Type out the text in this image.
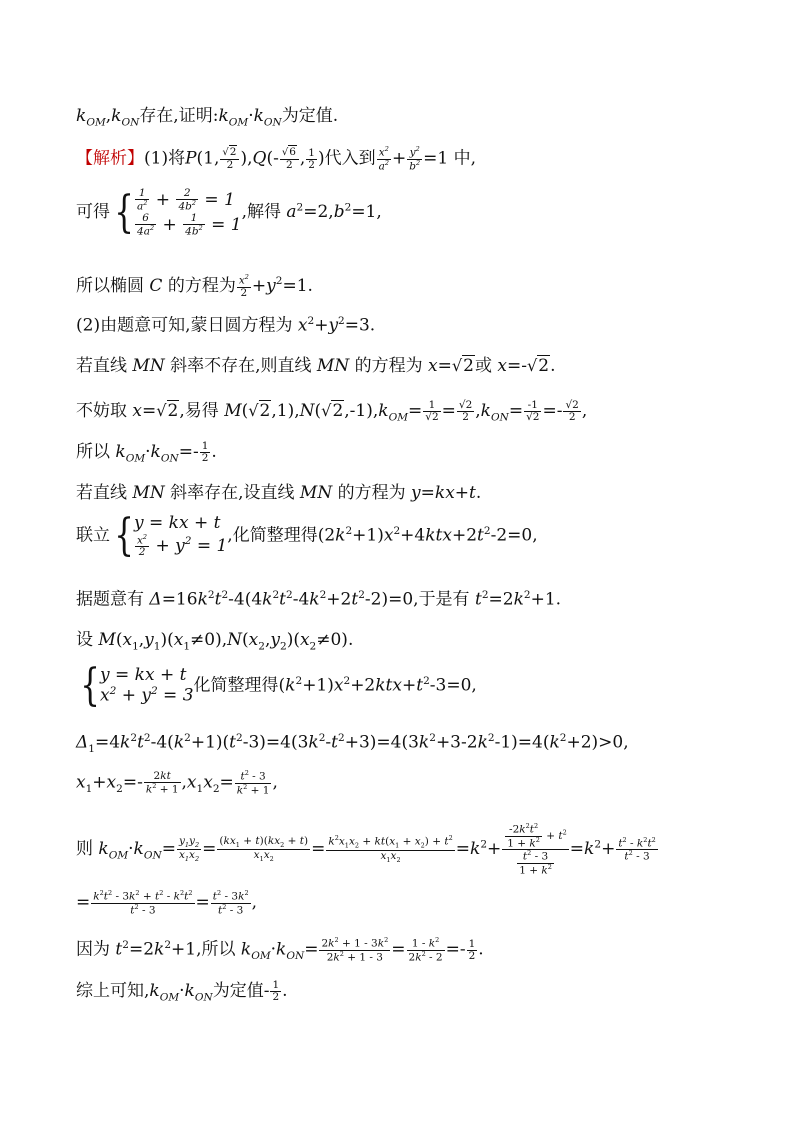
$k_{OM},k_{ON}$存在,证明$:k_{OM}\cdot k_{ON}$为定值.
【解析】(1)将P(1, $\frac{√2}{2} ),Q(- \frac{√6}{2}$ , $\frac{1}{2}$ )代入到 $\frac{x^2}{a^2} + \frac{y^2}{b^2} =1$ 中,
可得{ $\frac{1}{a^2} + \frac{2}{4b^2} = 1$
$\frac{6}{4a^2} + \frac{1}{4b^2} = 1$
,解得 $a^2=2,b^2=1$,
所以椭圆 C 的方程为 $\frac{x^2}{2} +y^2=1$.
(2)由题意可知,蒙日圆方程为 $x^2+y^2=3$.
若直线 MN 斜率不存在,则直线 MN 的方程为 x=√2或 x=-√2.
不妨取 x=√2,易得 $M(√2,1),N(√2,-1),k_{OM}= \frac{1}{√2} = \frac{√2}{2} ,k_{ON}= \frac{-1}{√2} =- \frac{√2}{2}$ ,
所以 $k_{OM}\cdot k_{ON}=- \frac{1}{2}$ .
若直线 MN 斜率存在,设直线 MN 的方程为 y=kx+t.
联立{ y = kx + t
$\frac{x^2}{2} + y^2 = 1$ ,化简整理得$(2k^2+1)x^2+4ktx+2t^2-2=0$,
据题意有 $\Delta=16k^2t^2-4(4k^2t^2-4k^2+2t^2-2)=0$,于是有 $t^2=2k^2+1$.
设 $M(x_1,y_1)(x_1\ne 0),N(x_2,y_2)(x_2\ne 0)$.
{ y = kx + t
$x^2 + y^2 = 3$
化简整理得$(k^2+1)x^2+2ktx+t^2-3=0$,
$\Delta_1=4k^2t^2-4(k^2+1)(t^2-3)=4(3k^2-t^2+3)=4(3k^2+3-2k^2-1)=4(k^2+2)>0$,
$x_1+x_2=- \frac{2kt}{k^2 + 1} ,x_1x_2= \frac{t^2 - 3}{k^2 + 1}$ ,
则 $k_{OM}\cdot k_{ON}= \frac{y_1y_2}{x_1x_2} = \frac{(kx_1 + t)(kx_2 + t)}{x_1x_2} = \frac{k^2x_1x_2 + kt(x_1 + x_2) + t^2}{x_1x_2} =k^2+ \frac{\frac{-2k^2t^2}{1 + k^2} + t^2}{\frac{t^2 - 3}{1 + k^2}} =k^2+ \frac{t^2 - k^2t^2}{t^2 - 3}$
= $\frac{k^2t^2 - 3k^2 + t^2 - k^2t^2}{t^2 - 3} = \frac{t^2 - 3k^2}{t^2 - 3}$ ,
因为 $t^2=2k^2+1$,所以 $k_{OM}\cdot k_{ON}= \frac{2k^2 + 1 - 3k^2}{2k^2 + 1 - 3} = \frac{1 - k^2}{2k^2 - 2} =- \frac{1}{2}$ .
综上可知$,k_{OM}\cdot k_{ON}$为定值- $\frac{1}{2}$ .
